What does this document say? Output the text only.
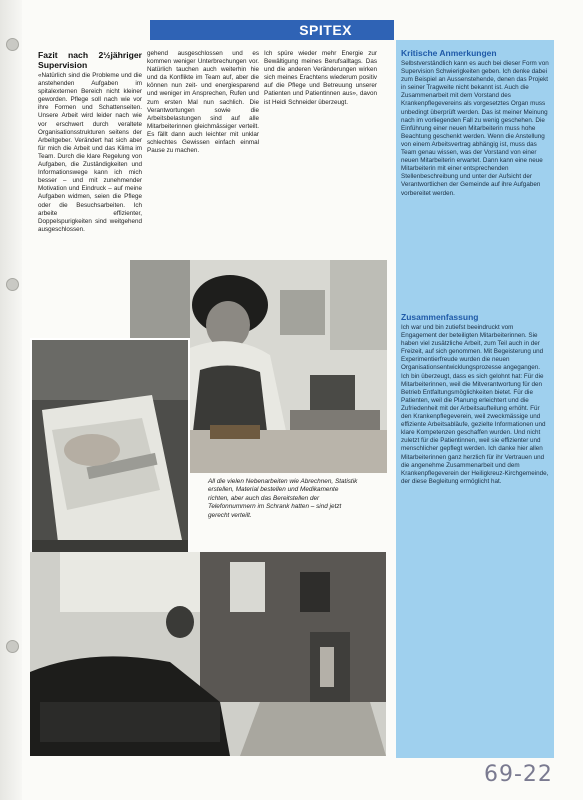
SPITEX
Fazit nach 2½jähriger Supervision
«Natürlich sind die Probleme und die anstehenden Aufgaben im spitalexternen Bereich nicht kleiner geworden. Pflege soll nach wie vor ihre Formen und Schattenseiten. Unsere Arbeit wird leider nach wie vor erschwert durch veraltete Organisationsstrukturen seitens der Arbeitgeber. Verändert hat sich aber für mich die Arbeit und das Klima im Team. Durch die klare Regelung von Aufgaben, die Zuständigkeiten und Informationswege kann ich mich besser – und mit zunehmender Motivation und Eindruck – auf meine Aufgaben widmen, seien die Pflege oder die Besuchsarbeiten. Ich arbeite effizienter, Doppelspurigkeiten sind weitgehend ausgeschlossen.
gehend ausgeschlossen und es kommen weniger Unterbrechungen vor. Natürlich tauchen auch weiterhin hie und da Konflikte im Team auf, aber die können nun zeit- und energiesparend und weniger im Ansprechen, Rufen und zum ersten Mal nun sachlich. Die Verantwortungen sowie die Arbeitsbelastungen sind auf alle Mitarbeiterinnen gleichmässiger verteilt. Es fällt dann auch leichter mit unklar schlechtes Gewissen einfach einmal Pause zu machen.
Ich spüre wieder mehr Energie zur Bewältigung meines Berufsalltags. Das und die anderen Veränderungen wirken sich meines Erachtens wiederum positiv auf die Pflege und Betreuung unserer Patienten und Patientinnen aus», davon ist Heidi Schneider überzeugt.
Kritische Anmerkungen
Selbstverständlich kann es auch bei dieser Form von Supervision Schwierigkeiten geben. Ich denke dabei zum Beispiel an Aussenstehende, denen das Projekt in seiner Tragweite nicht bekannt ist. Auch die Zusammenarbeit mit dem Vorstand des Krankenpflegevereins als vorgesetztes Organ muss unbedingt überprüft werden. Das ist meiner Meinung nach im vorliegenden Fall zu wenig geschehen. Die Einführung einer neuen Mitarbeiterin muss hohe Beachtung geschenkt werden. Wenn die Anstellung von einem Arbeitsvertrag abhängig ist, muss das Team genau wissen, was der Vorstand von einer neuen Mitarbeiterin erwartet. Dann kann eine neue Mitarbeiterin mit einer entsprechenden Stellenbeschreibung und unter der Aufsicht der Verantwortlichen der Gemeinde auf ihre Aufgaben vorbereitet werden.
Zusammenfassung
Ich war und bin zutiefst beeindruckt vom Engagement der beteiligten Mitarbeiterinnen. Sie haben viel zusätzliche Arbeit, zum Teil auch in der Freizeit, auf sich genommen. Mit Begeisterung und Experimentierfreude wurden die neuen Organisationsentwicklungsprozesse angegangen. Ich bin überzeugt, dass es sich gelohnt hat: Für die Mitarbeiterinnen, weil die Mitverantwortung für den Betrieb Entfaltungsmöglichkeiten bietet. Für die Patienten, weil die Planung erleichtert und die Zufriedenheit mit der Arbeitsaufteilung erhöht. Für den Krankenpflegeverein, weil zweckmässige und effiziente Arbeitsabläufe, gezielte Informationen und klare Kompetenzen geschaffen wurden. Und nicht zuletzt für die Patientinnen, weil sie effizienter und menschlicher gepflegt werden. Ich danke hier allen Mitarbeiterinnen ganz herzlich für ihr Vertrauen und die angenehme Zusammenarbeit und dem Krankenpflegeverein der Heiligkreuz-Kirchgemeinde, der diese Begleitung ermöglicht hat.
All die vielen Nebenarbeiten wie Abrechnen, Statistik erstellen, Material bestellen und Medikamente richten, aber auch das Bereitstellen der Telefonnummern im Schrank hatten – sind jetzt gerecht verteilt.
69-22
